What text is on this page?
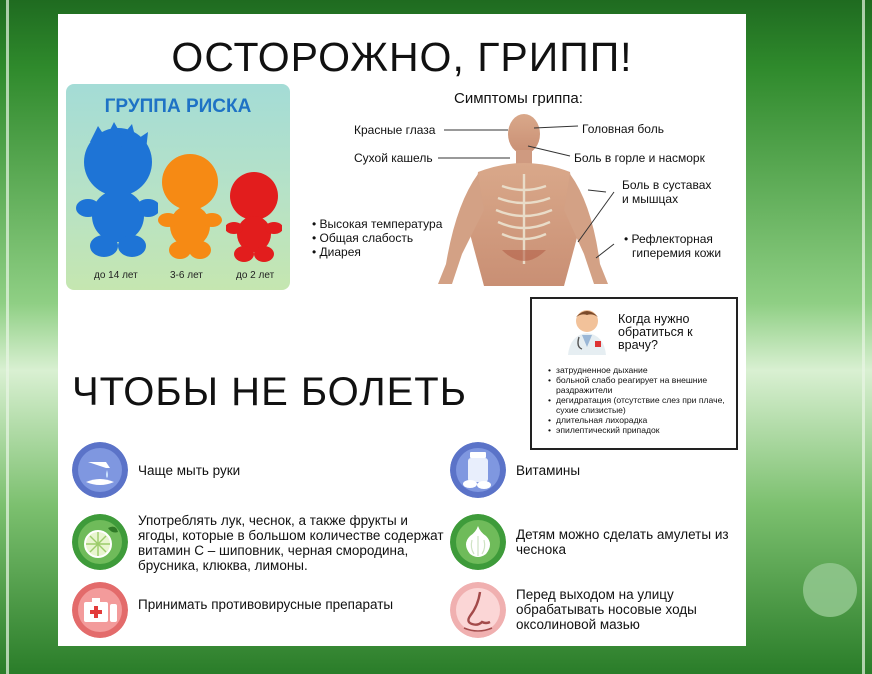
ОСТОРОЖНО, ГРИПП!
ГРУППА РИСКА
до 14 лет	3-6 лет	до 2 лет
Симптомы гриппа:
Красные глаза
Сухой кашель
Головная боль
Боль в горле и насморк
Боль в суставах
и мышцах
• Рефлекторная
гиперемия кожи
• Высокая температура
• Общая слабость
• Диарея
Когда нужно
обратиться к
врачу?
• затрудненное дыхание
• больной слабо реагирует на внешние раздражители
• дегидратация (отсутствие слез при плаче, сухие слизистые)
• длительная лихорадка
• эпилептический припадок
ЧТОБЫ НЕ БОЛЕТЬ
Чаще мыть руки
Употреблять лук, чеснок, а также фрукты и ягоды, которые в большом количестве содержат витамин С – шиповник, черная смородина, брусника, клюква, лимоны.
Принимать противовирусные препараты
Витамины
Детям можно сделать амулеты из чеснока
Перед выходом на улицу обрабатывать носовые ходы оксолиновой мазью
